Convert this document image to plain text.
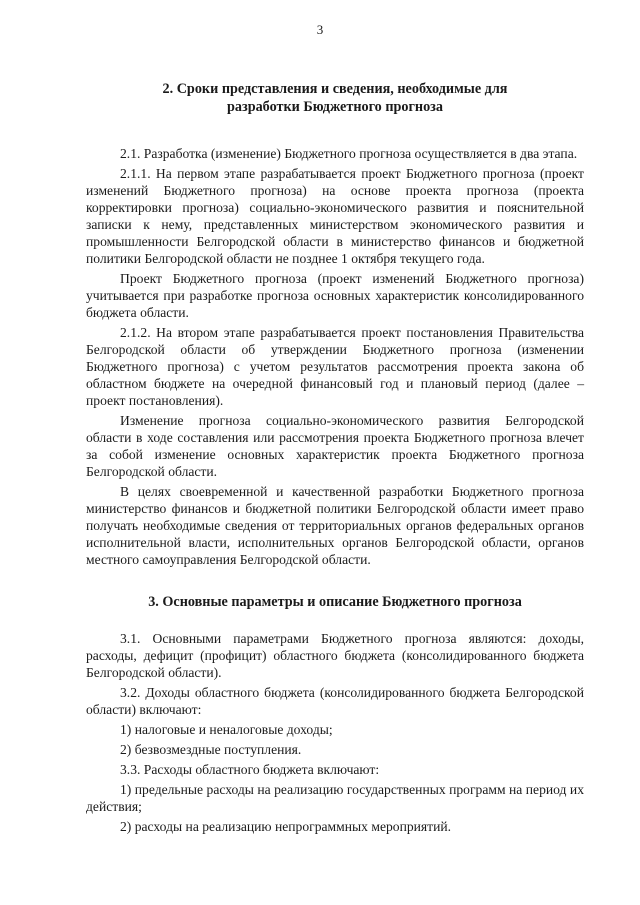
3
2. Сроки представления и сведения, необходимые для
разработки Бюджетного прогноза

2.1. Разработка (изменение) Бюджетного прогноза осуществляется в два этапа.

2.1.1. На первом этапе разрабатывается проект Бюджетного прогноза (проект изменений Бюджетного прогноза) на основе проекта прогноза (проекта корректировки прогноза) социально-экономического развития и пояснительной записки к нему, представленных министерством экономического развития и промышленности Белгородской области в министерство финансов и бюджетной политики Белгородской области не позднее 1 октября текущего года.

Проект Бюджетного прогноза (проект изменений Бюджетного прогноза) учитывается при разработке прогноза основных характеристик консолидированного бюджета области.

2.1.2. На втором этапе разрабатывается проект постановления Правительства Белгородской области об утверждении Бюджетного прогноза (изменении Бюджетного прогноза) с учетом результатов рассмотрения проекта закона об областном бюджете на очередной финансовый год и плановый период (далее – проект постановления).

Изменение прогноза социально-экономического развития Белгородской области в ходе составления или рассмотрения проекта Бюджетного прогноза влечет за собой изменение основных характеристик проекта Бюджетного прогноза Белгородской области.

В целях своевременной и качественной разработки Бюджетного прогноза министерство финансов и бюджетной политики Белгородской области имеет право получать необходимые сведения от территориальных органов федеральных органов исполнительной власти, исполнительных органов Белгородской области, органов местного самоуправления Белгородской области.

3. Основные параметры и описание Бюджетного прогноза

3.1. Основными параметрами Бюджетного прогноза являются: доходы, расходы, дефицит (профицит) областного бюджета (консолидированного бюджета Белгородской области).

3.2. Доходы областного бюджета (консолидированного бюджета Белгородской области) включают:

1) налоговые и неналоговые доходы;

2) безвозмездные поступления.

3.3. Расходы областного бюджета включают:

1) предельные расходы на реализацию государственных программ на период их действия;

2) расходы на реализацию непрограммных мероприятий.
